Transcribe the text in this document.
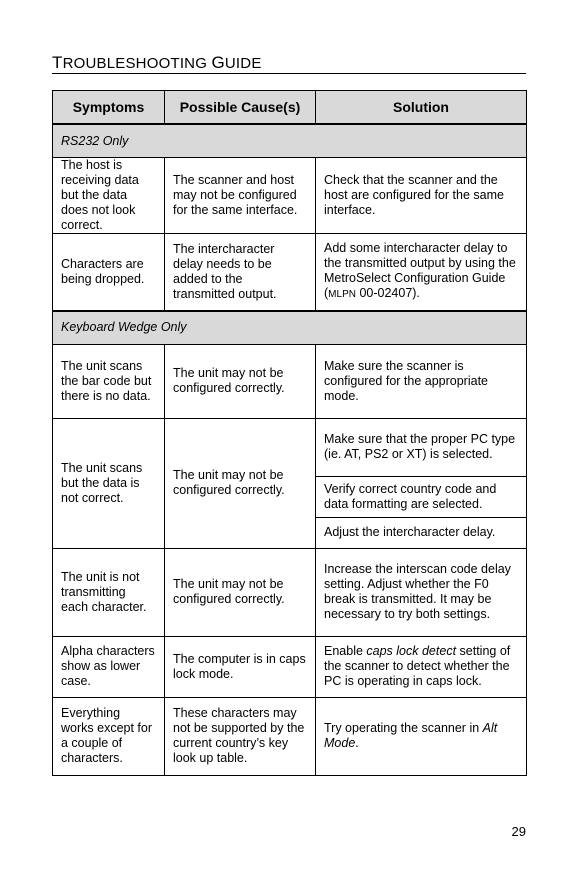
TROUBLESHOOTING GUIDE
Symptoms	Possible Cause(s)	Solution
RS232 Only		
The host is receiving data but the data does not look correct.	The scanner and host may not be configured for the same interface.	Check that the scanner and the host are configured for the same interface.
Characters are being dropped.	The intercharacter delay needs to be added to the transmitted output.	Add some intercharacter delay to the transmitted output by using the MetroSelect Configuration Guide (MLPN 00-02407).
Keyboard Wedge Only		
The unit scans the bar code but there is no data.	The unit may not be configured correctly.	Make sure the scanner is configured for the appropriate mode.
The unit scans but the data is not correct.	The unit may not be configured correctly.	Make sure that the proper PC type (ie. AT, PS2 or XT) is selected.
		Verify correct country code and data formatting are selected.
		Adjust the intercharacter delay.
The unit is not transmitting each character.	The unit may not be configured correctly.	Increase the interscan code delay setting. Adjust whether the F0 break is transmitted. It may be necessary to try both settings.
Alpha characters show as lower case.	The computer is in caps lock mode.	Enable caps lock detect setting of the scanner to detect whether the PC is operating in caps lock.
Everything works except for a couple of characters.	These characters may not be supported by the current country’s key look up table.	Try operating the scanner in Alt Mode.
29
